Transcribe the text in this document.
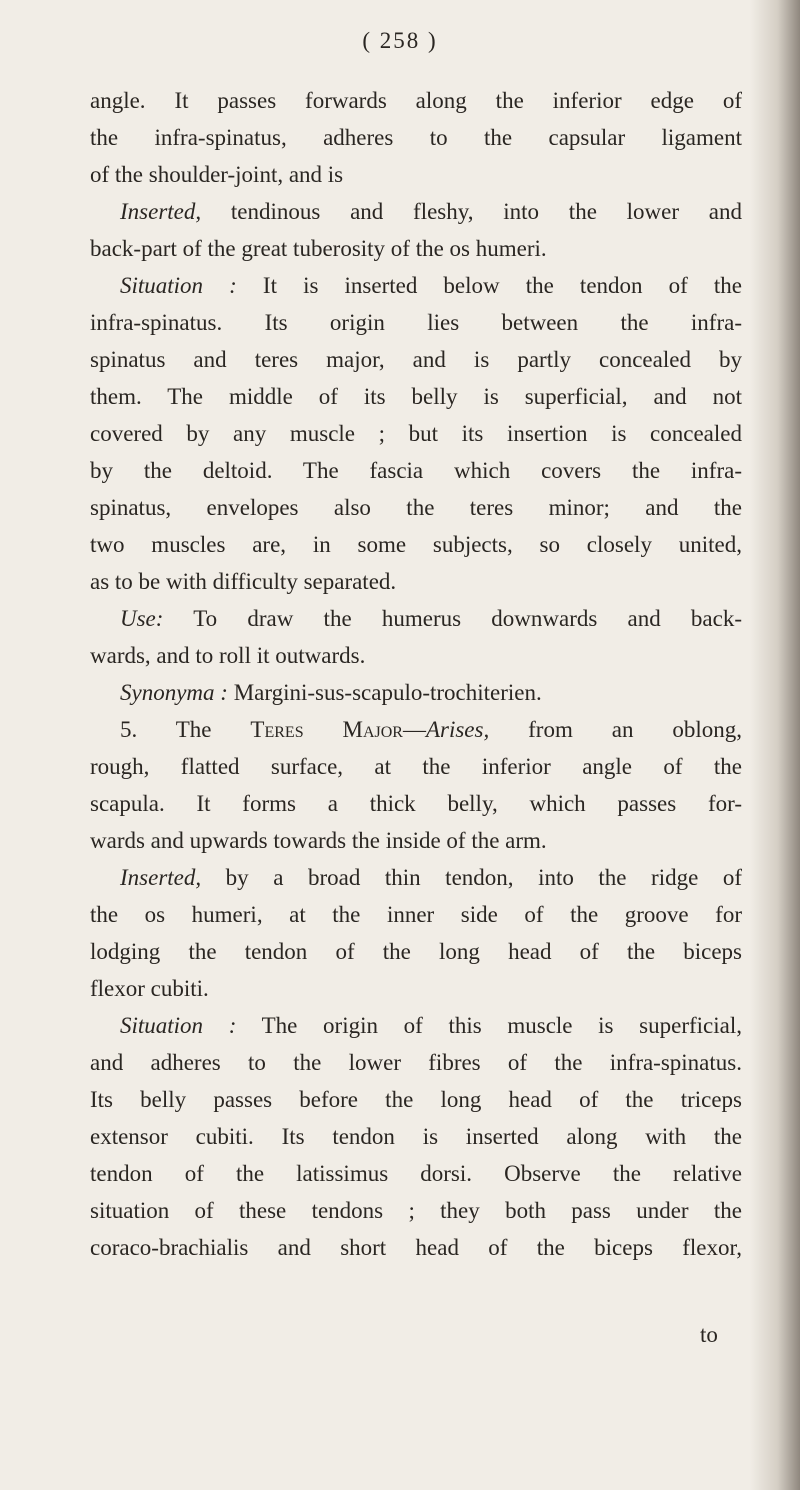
( 258 )
angle. It passes forwards along the inferior edge of
the infra-spinatus, adheres to the capsular ligament
of the shoulder-joint, and is
Inserted, tendinous and fleshy, into the lower and
back-part of the great tuberosity of the os humeri.
Situation : It is inserted below the tendon of the
infra-spinatus. Its origin lies between the infra-
spinatus and teres major, and is partly concealed by
them. The middle of its belly is superficial, and not
covered by any muscle ; but its insertion is concealed
by the deltoid. The fascia which covers the infra-
spinatus, envelopes also the teres minor; and the
two muscles are, in some subjects, so closely united,
as to be with difficulty separated.
Use: To draw the humerus downwards and back-
wards, and to roll it outwards.
Synonyma : Margini-sus-scapulo-trochiterien.
5. The Teres Major—Arises, from an oblong,
rough, flatted surface, at the inferior angle of the
scapula. It forms a thick belly, which passes for-
wards and upwards towards the inside of the arm.
Inserted, by a broad thin tendon, into the ridge of
the os humeri, at the inner side of the groove for
lodging the tendon of the long head of the biceps
flexor cubiti.
Situation : The origin of this muscle is superficial,
and adheres to the lower fibres of the infra-spinatus.
Its belly passes before the long head of the triceps
extensor cubiti. Its tendon is inserted along with the
tendon of the latissimus dorsi. Observe the relative
situation of these tendons ; they both pass under the
coraco-brachialis and short head of the biceps flexor,
to
